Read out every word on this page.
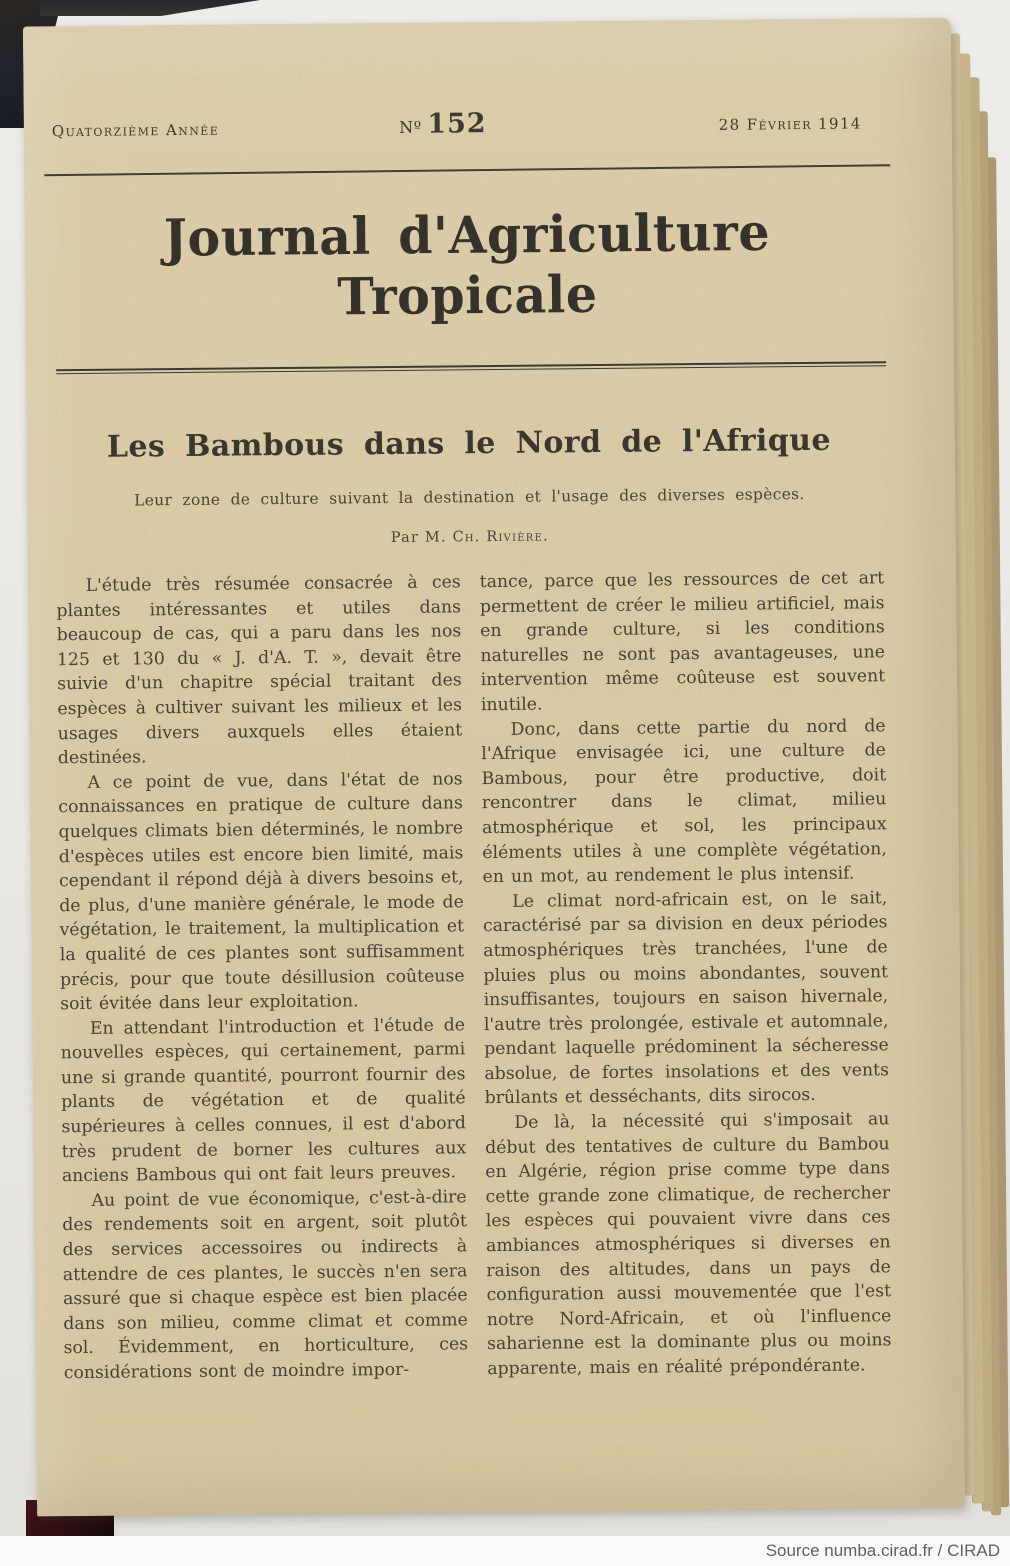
Quatorzième Année	Nº 152	28 Février 1914
Journal d'Agriculture Tropicale
Les Bambous dans le Nord de l'Afrique
Leur zone de culture suivant la destination et l'usage des diverses espèces.
Par M. Ch. Rivière.

L'étude très résumée consacrée à ces plantes intéressantes et utiles dans beaucoup de cas, qui a paru dans les nos 125 et 130 du « J. d'A. T. », devait être suivie d'un chapitre spécial traitant des espèces à cultiver suivant les milieux et les usages divers auxquels elles étaient destinées.

A ce point de vue, dans l'état de nos connaissances en pratique de culture dans quelques climats bien déterminés, le nombre d'espèces utiles est encore bien limité, mais cependant il répond déjà à divers besoins et, de plus, d'une manière générale, le mode de végétation, le traitement, la multiplication et la qualité de ces plantes sont suffisamment précis, pour que toute désillusion coûteuse soit évitée dans leur exploitation.

En attendant l'introduction et l'étude de nouvelles espèces, qui certainement, parmi une si grande quantité, pourront fournir des plants de végétation et de qualité supérieures à celles connues, il est d'abord très prudent de borner les cultures aux anciens Bambous qui ont fait leurs preuves.

Au point de vue économique, c'est-à-dire des rendements soit en argent, soit plutôt des services accessoires ou indirects à attendre de ces plantes, le succès n'en sera assuré que si chaque espèce est bien placée dans son milieu, comme climat et comme sol. Évidemment, en horticulture, ces considérations sont de moindre impor-

tance, parce que les ressources de cet art permettent de créer le milieu artificiel, mais en grande culture, si les conditions naturelles ne sont pas avantageuses, une intervention même coûteuse est souvent inutile.

Donc, dans cette partie du nord de l'Afrique envisagée ici, une culture de Bambous, pour être productive, doit rencontrer dans le climat, milieu atmosphérique et sol, les principaux éléments utiles à une complète végétation, en un mot, au rendement le plus intensif.

Le climat nord-africain est, on le sait, caractérisé par sa division en deux périodes atmosphériques très tranchées, l'une de pluies plus ou moins abondantes, souvent insuffisantes, toujours en saison hivernale, l'autre très prolongée, estivale et automnale, pendant laquelle prédominent la sécheresse absolue, de fortes insolations et des vents brûlants et desséchants, dits sirocos.

De là, la nécessité qui s'imposait au début des tentatives de culture du Bambou en Algérie, région prise comme type dans cette grande zone climatique, de rechercher les espèces qui pouvaient vivre dans ces ambiances atmosphériques si diverses en raison des altitudes, dans un pays de configuration aussi mouvementée que l'est notre Nord-Africain, et où l'influence saharienne est la dominante plus ou moins apparente, mais en réalité prépondérante.

Source numba.cirad.fr / CIRAD
